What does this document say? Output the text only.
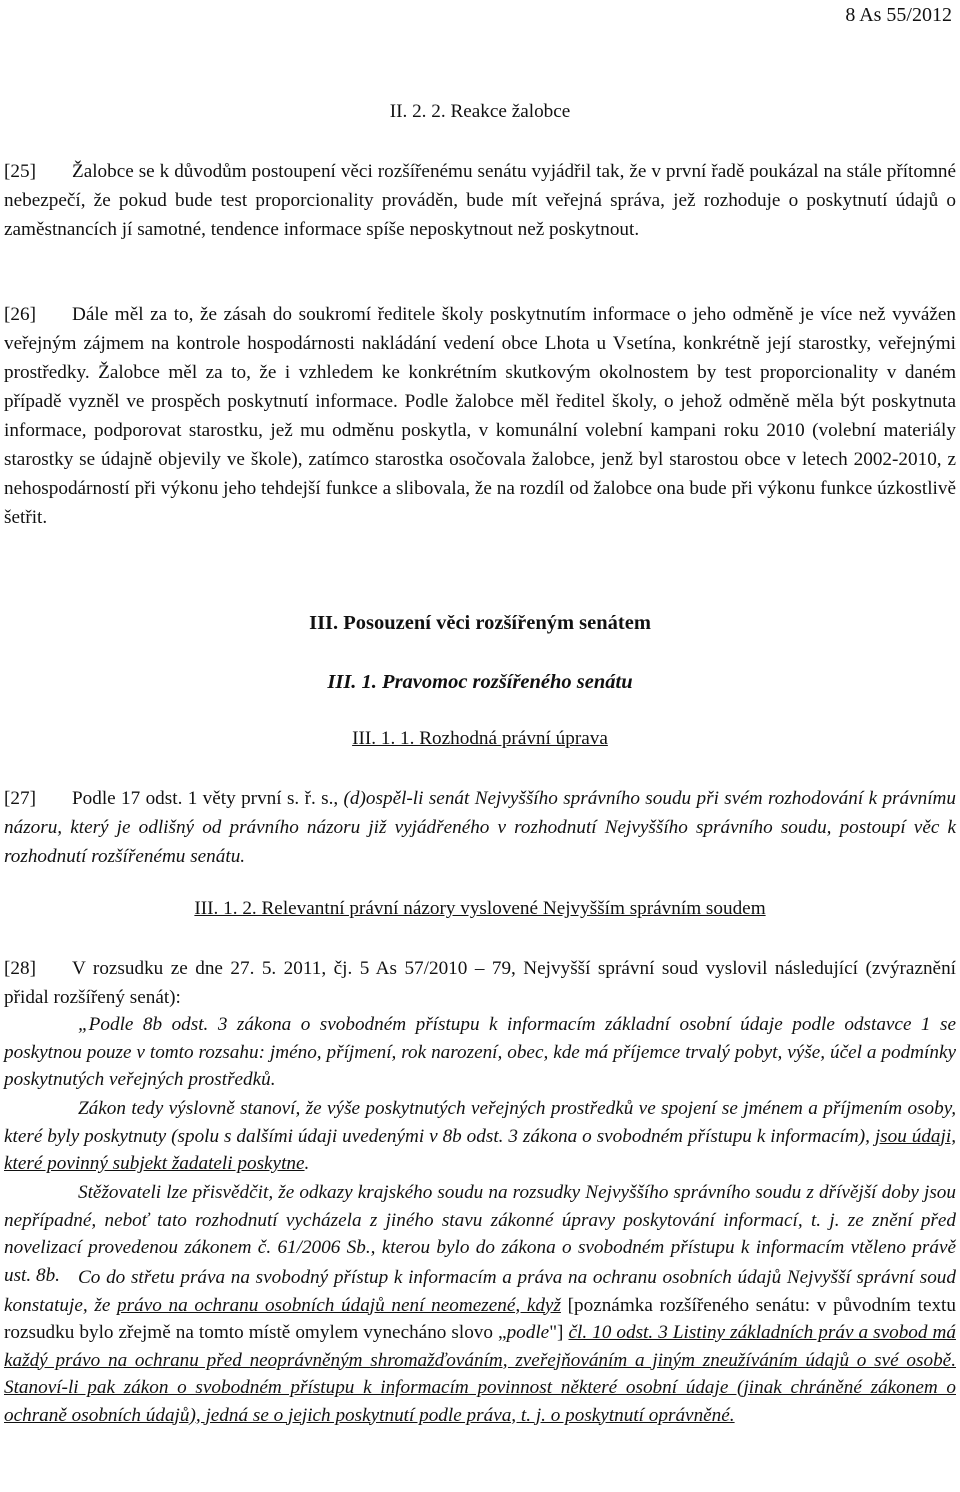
8 As 55/2012
II. 2. 2. Reakce žalobce

[25] Žalobce se k důvodům postoupení věci rozšířenému senátu vyjádřil tak, že v první řadě poukázal na stále přítomné nebezpečí, že pokud bude test proporcionality prováděn, bude mít veřejná správa, jež rozhoduje o poskytnutí údajů o zaměstnancích jí samotné, tendence informace spíše neposkytnout než poskytnout.

[26] Dále měl za to, že zásah do soukromí ředitele školy poskytnutím informace o jeho odměně je více než vyvážen veřejným zájmem na kontrole hospodárnosti nakládání vedení obce Lhota u Vsetína, konkrétně její starostky, veřejnými prostředky. Žalobce měl za to, že i vzhledem ke konkrétním skutkovým okolnostem by test proporcionality v daném případě vyzněl ve prospěch poskytnutí informace. Podle žalobce měl ředitel školy, o jehož odměně měla být poskytnuta informace, podporovat starostku, jež mu odměnu poskytla, v komunální volební kampani roku 2010 (volební materiály starostky se údajně objevily ve škole), zatímco starostka osočovala žalobce, jenž byl starostou obce v letech 2002-2010, z nehospodárností při výkonu jeho tehdejší funkce a slibovala, že na rozdíl od žalobce ona bude při výkonu funkce úzkostlivě šetřit.

III. Posouzení věci rozšířeným senátem
III. 1. Pravomoc rozšířeného senátu
III. 1. 1. Rozhodná právní úprava

[27] Podle 17 odst. 1 věty první s. ř. s., (d)ospěl-li senát Nejvyššího správního soudu při svém rozhodování k právnímu názoru, který je odlišný od právního názoru již vyjádřeného v rozhodnutí Nejvyššího správního soudu, postoupí věc k rozhodnutí rozšířenému senátu.

III. 1. 2. Relevantní právní názory vyslovené Nejvyšším správním soudem

[28] V rozsudku ze dne 27. 5. 2011, čj. 5 As 57/2010 – 79, Nejvyšší správní soud vyslovil následující (zvýraznění přidal rozšířený senát):

„Podle 8b odst. 3 zákona o svobodném přístupu k informacím základní osobní údaje podle odstavce 1 se poskytnou pouze v tomto rozsahu: jméno, příjmení, rok narození, obec, kde má příjemce trvalý pobyt, výše, účel a podmínky poskytnutých veřejných prostředků.

Zákon tedy výslovně stanoví, že výše poskytnutých veřejných prostředků ve spojení se jménem a příjmením osoby, které byly poskytnuty (spolu s dalšími údaji uvedenými v 8b odst. 3 zákona o svobodném přístupu k informacím), jsou údaji, které povinný subjekt žadateli poskytne.

Stěžovateli lze přisvědčit, že odkazy krajského soudu na rozsudky Nejvyššího správního soudu z dřívější doby jsou nepřípadné, neboť tato rozhodnutí vycházela z jiného stavu zákonné úpravy poskytování informací, t. j. ze znění před novelizací provedenou zákonem č. 61/2006 Sb., kterou bylo do zákona o svobodném přístupu k informacím vtěleno právě ust. 8b. Co do střetu práva na svobodný přístup k informacím a práva na ochranu osobních údajů Nejvyšší správní soud konstatuje, že právo na ochranu osobních údajů není neomezené, když [poznámka rozšířeného senátu: v původním textu rozsudku bylo zřejmě na tomto místě omylem vynecháno slovo „podle"] čl. 10 odst. 3 Listiny základních práv a svobod má každý právo na ochranu před neoprávněným shromažďováním, zveřejňováním a jiným zneužíváním údajů o své osobě. Stanoví-li pak zákon o svobodném přístupu k informacím povinnost některé osobní údaje (jinak chráněné zákonem o ochraně osobních údajů), jedná se o jejich poskytnutí podle práva, t. j. o poskytnutí oprávněné.
